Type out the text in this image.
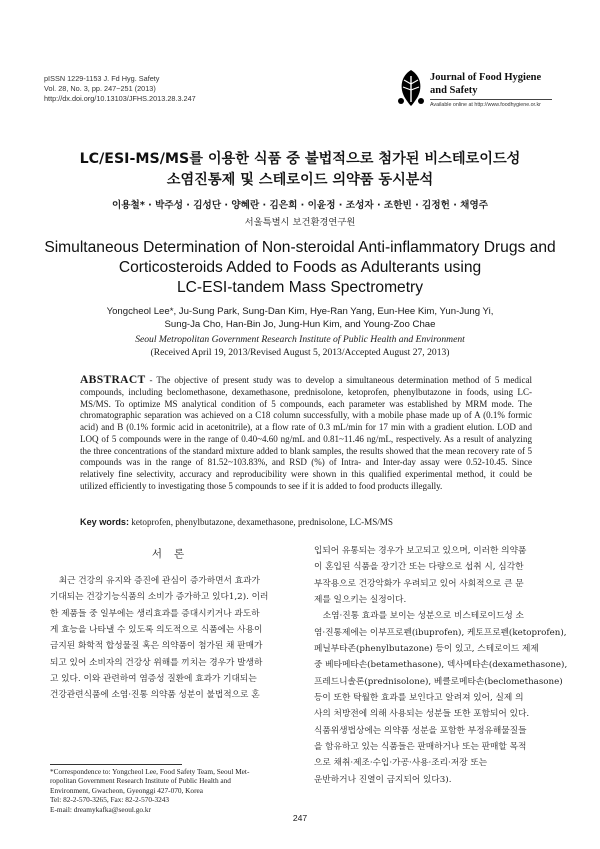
pISSN 1229-1153 J. Fd Hyg. Safety
Vol. 28, No. 3, pp. 247~251 (2013)
http://dx.doi.org/10.13103/JFHS.2013.28.3.247
Journal of Food Hygiene
and Safety
Available online at http://www.foodhygiene.or.kr
LC/ESI-MS/MS를 이용한 식품 중 불법적으로 첨가된 비스테로이드성
소염진통제 및 스테로이드 의약품 동시분석
이용철* · 박주성 · 김성단 · 양혜란 · 김은희 · 이윤정 · 조성자 · 조한빈 · 김정헌 · 채영주
서울특별시 보건환경연구원
Simultaneous Determination of Non-steroidal Anti-inflammatory Drugs and
Corticosteroids Added to Foods as Adulterants using
LC-ESI-tandem Mass Spectrometry
Yongcheol Lee*, Ju-Sung Park, Sung-Dan Kim, Hye-Ran Yang, Eun-Hee Kim, Yun-Jung Yi,
Sung-Ja Cho, Han-Bin Jo, Jung-Hun Kim, and Young-Zoo Chae
Seoul Metropolitan Government Research Institute of Public Health and Environment
(Received April 19, 2013/Revised August 5, 2013/Accepted August 27, 2013)
ABSTRACT - The objective of present study was to develop a simultaneous determination method of 5 medical compounds, including beclomethasone, dexamethasone, prednisolone, ketoprofen, phenylbutazone in foods, using LC-MS/MS. To optimize MS analytical condition of 5 compounds, each parameter was established by MRM mode. The chromatographic separation was achieved on a C18 column successfully, with a mobile phase made up of A (0.1% formic acid) and B (0.1% formic acid in acetonitrile), at a flow rate of 0.3 mL/min for 17 min with a gradient elution. LOD and LOQ of 5 compounds were in the range of 0.40~4.60 ng/mL and 0.81~11.46 ng/mL, respectively. As a result of analyzing the three concentrations of the standard mixture added to blank samples, the results showed that the mean recovery rate of 5 compounds was in the range of 81.52~103.83%, and RSD (%) of Intra- and Inter-day assay were 0.52-10.45. Since relatively fine selectivity, accuracy and reproducibility were shown in this qualified experimental method, it could be utilized efficiently to investigating those 5 compounds to see if it is added to food products illegally.
Key words: ketoprofen, phenylbutazone, dexamethasone, prednisolone, LC-MS/MS
서론
　최근 건강의 유지와 증진에 관심이 증가하면서 효과가
기대되는 건강기능식품의 소비가 증가하고 있다1,2). 이러
한 제품들 중 일부에는 생리효과를 증대시키거나 과도하
게 효능을 나타낼 수 있도록 의도적으로 식품에는 사용이
금지된 화학적 합성물질 혹은 의약품이 첨가된 채 판매가
되고 있어 소비자의 건강상 위해를 끼치는 경우가 발생하
고 있다. 이와 관련하여 염증성 질환에 효과가 기대되는
건강관련식품에 소염·진통 의약품 성분이 불법적으로 혼
입되어 유통되는 경우가 보고되고 있으며, 이러한 의약품
이 혼입된 식품을 장기간 또는 다량으로 섭취 시, 심각한
부작용으로 건강악화가 우려되고 있어 사회적으로 큰 문
제를 일으키는 실정이다.
　소염·진통 효과를 보이는 성분으로 비스테로이드성 소
염·진통제에는 이부프로펜(ibuprofen), 케토프로펜(ketoprofen),
페닐부타존(phenylbutazone) 등이 있고, 스테로이드 제제
중 베타메타손(betamethasone), 덱사메타손(dexamethasone),
프레드니솔론(prednisolone), 베클로메타손(beclomethasone)
등이 또한 탁월한 효과를 보인다고 알려져 있어, 실제 의
사의 처방전에 의해 사용되는 성분들 또한 포함되어 있다.
식품위생법상에는 의약품 성분을 포함한 부정유해물질들
을 함유하고 있는 식품들은 판매하거나 또는 판매할 목적
으로 채취·제조·수입·가공·사용·조리·저장 또는
운반하거나 진열이 금지되어 있다3).
*Correspondence to: Yongcheol Lee, Food Safety Team, Seoul Met-
ropolitan Government Research Institute of Public Health and
Environment, Gwacheon, Gyeonggi 427-070, Korea
Tel: 82-2-570-3265, Fax: 82-2-570-3243
E-mail: dreamykafka@seoul.go.kr
247
